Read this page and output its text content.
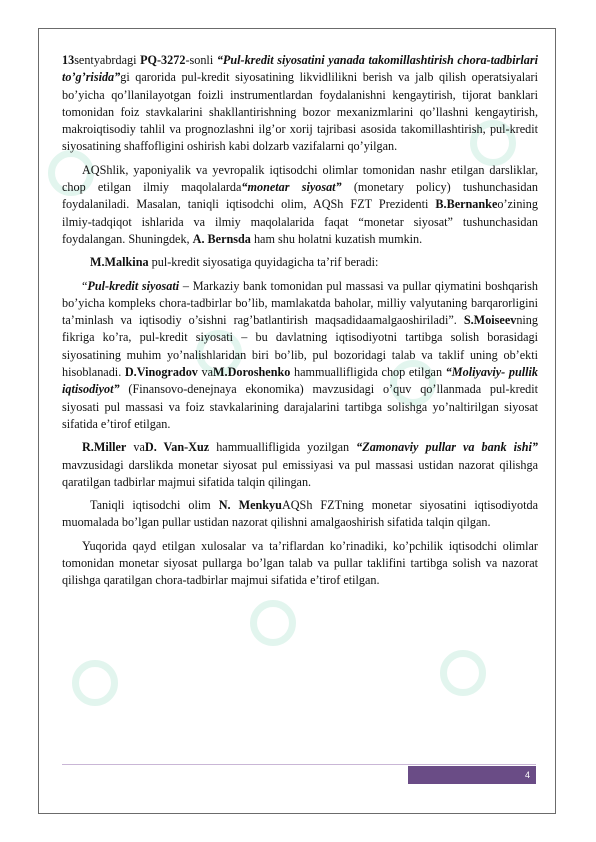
13sentyabrdagi PQ-3272-sonli “Pul-kredit siyosatini yanada takomillashtirish chora-tadbirlari to’g’risida”gi qarorida pul-kredit siyosatining likvidlilikni berish va jalb qilish operatsiyalari bo’yicha qo’llanilayotgan foizli instrumentlardan foydalanishni kengaytirish, tijorat banklari tomonidan foiz stavkalarini shakllantirishning bozor mexanizmlarini qo’llashni kengaytirish, makroiqtisodiy tahlil va prognozlashni ilg’or xorij tajribasi asosida takomillashtirish, pul-kredit siyosatining shaffofligini oshirish kabi dolzarb vazifalarni qo’yilgan.

AQShlik, yaponiyalik va yevropalik iqtisodchi olimlar tomonidan nashr etilgan darsliklar, chop etilgan ilmiy maqolalarda“monetar siyosat” (monetary policy) tushunchasidan foydalaniladi. Masalan, taniqli iqtisodchi olim, AQSh FZT Prezidenti B.Bernankeo’zining ilmiy-tadqiqot ishlarida va ilmiy maqolalarida faqat “monetar siyosat” tushunchasidan foydalangan. Shuningdek, A. Bernsda ham shu holatni kuzatish mumkin.

M.Malkina pul-kredit siyosatiga quyidagicha ta’rif beradi:

“Pul-kredit siyosati – Markaziy bank tomonidan pul massasi va pullar qiymatini boshqarish bo’yicha kompleks chora-tadbirlar bo’lib, mamlakatda baholar, milliy valyutaning barqarorligini ta’minlash va iqtisodiy o’sishni rag’batlantirish maqsadidaamalgaoshiriladi”. S.Moiseevning fikriga ko’ra, pul-kredit siyosati – bu davlatning iqtisodiyotni tartibga solish borasidagi siyosatining muhim yo’nalishlaridan biri bo’lib, pul bozoridagi talab va taklif uning ob’ekti hisoblanadi. D.Vinogradov vaM.Doroshenko hammualliflig​ida chop etilgan “Moliyaviy- pullik iqtisodiyot” (Finansovo-denejnaya ekonomika) mavzusidagi o’quv qo’llanmada pul-kredit siyosati pul massasi va foiz stavkalarining darajalarini tartibga solishga yo’naltirilgan siyosat sifatida e’tirof etilgan.

R.Miller vaD. Van-Xuz hammualliflig​ida yozilgan “Zamonaviy pullar va bank ishi” mavzusidagi darslikda monetar siyosat pul emissiyasi va pul massasi ustidan nazorat qilishga qaratilgan tadbirlar majmui sifatida talqin qilingan.

Taniqli iqtisodchi olim N. MenkyuAQSh FZTning monetar siyosatini iqtisodiyotda muomalada bo’lgan pullar ustidan nazorat qilishni amalgaoshirish sifatida talqin qilgan.

Yuqorida qayd etilgan xulosalar va ta’riflardan ko’rinadiki, ko’pchilik iqtisodchi olimlar tomonidan monetar siyosat pullarga bo’lgan talab va pullar taklifini tartibga solish va nazorat qilishga qaratilgan chora-tadbirlar majmui sifatida e’tirof etilgan.

4
